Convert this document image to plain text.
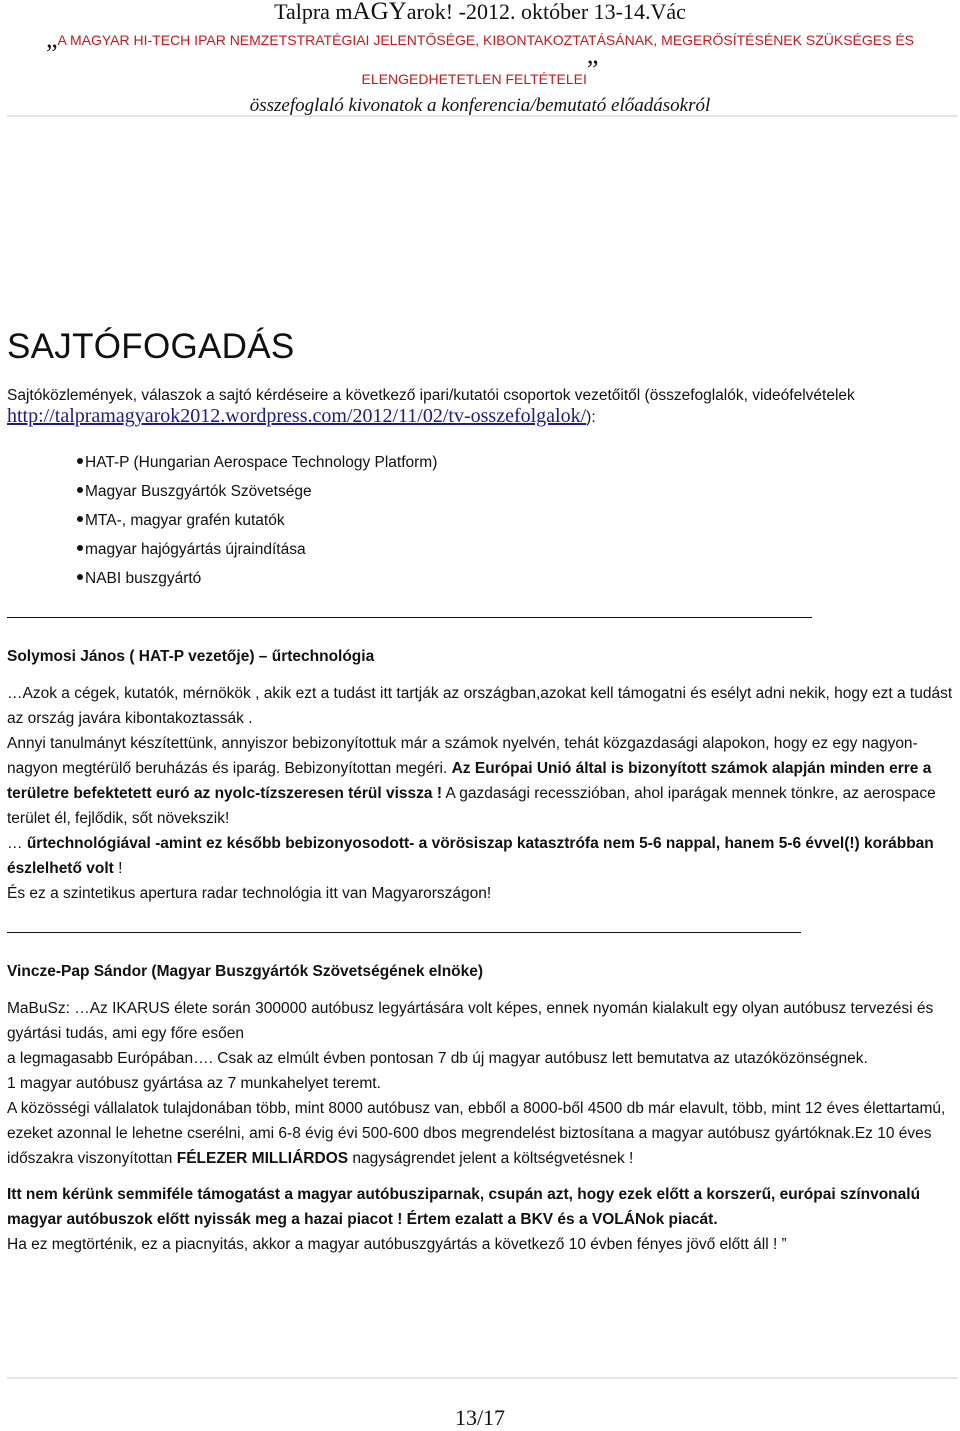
Talpra mAGYarok! -2012. október 13-14.Vác
„A MAGYAR HI-TECH IPAR NEMZETSTRATÉGIAI JELENTŐSÉGE, KIBONTAKOZTATÁSÁNAK, MEGERŐSÍTÉSÉNEK SZÜKSÉGES ÉS ELENGEDHETETLEN FELTÉTELEI”
összefoglaló kivonatok a konferencia/bemutató előadásokról
SAJTÓFOGADÁS
Sajtóközlemények, válaszok a sajtó kérdéseire a következő ipari/kutatói csoportok vezetőitől (összefoglalók, videófelvételek http://talpramagyarok2012.wordpress.com/2012/11/02/tv-osszefolgalok/):
HAT-P (Hungarian Aerospace Technology Platform)
Magyar Buszgyártók Szövetsége
MTA-, magyar grafén kutatók
magyar hajógyártás újraindítása
NABI buszgyártó

Solymosi János ( HAT-P vezetője) – űrtechnológia

…Azok a cégek, kutatók, mérnökök , akik ezt a tudást itt tartják az országban,azokat kell támogatni és esélyt adni nekik, hogy ezt a tudást az ország javára kibontakoztassák .

Annyi tanulmányt készítettünk, annyiszor bebizonyítottuk már a számok nyelvén, tehát közgazdasági alapokon, hogy ez egy nagyon-nagyon megtérülő beruházás és iparág. Bebizonyítottan megéri. Az Európai Unió által is bizonyított számok alapján minden erre a területre befektetett euró az nyolc-tízszeresen térül vissza ! A gazdasági recesszióban, ahol iparágak mennek tönkre, az aerospace terület él, fejlődik, sőt növekszik!

… űrtechnológiával -amint ez később bebizonyosodott- a vörösiszap katasztrófa nem 5-6 nappal, hanem 5-6 évvel(!) korábban észlelhető volt !

És ez a szintetikus apertura radar technológia itt van Magyarországon!

Vincze-Pap Sándor (Magyar Buszgyártók Szövetségének elnöke)

MaBuSz: …Az IKARUS élete során 300000 autóbusz legyártására volt képes, ennek nyomán kialakult egy olyan autóbusz tervezési és gyártási tudás, ami egy főre esően

a legmagasabb Európában…. Csak az elmúlt évben pontosan 7 db új magyar autóbusz lett bemutatva az utazóközönségnek.

1 magyar autóbusz gyártása az 7 munkahelyet teremt.

A közösségi vállalatok tulajdonában több, mint 8000 autóbusz van, ebből a 8000-ből 4500 db már elavult, több, mint 12 éves élettartamú, ezeket azonnal le lehetne cserélni, ami 6-8 évig évi 500-600 dbos megrendelést biztosítana a magyar autóbusz gyártóknak.Ez 10 éves időszakra viszonyítottan FÉLEZER MILLIÁRDOS nagyságrendet jelent a költségvetésnek !

Itt nem kérünk semmiféle támogatást a magyar autóbusziparnak, csupán azt, hogy ezek előtt a korszerű, európai színvonalú magyar autóbuszok előtt nyissák meg a hazai piacot ! Értem ezalatt a BKV és a VOLÁNok piacát.

Ha ez megtörténik, ez a piacnyitás, akkor a magyar autóbuszgyártás a következő 10 évben fényes jövő előtt áll ! ”

13/17
